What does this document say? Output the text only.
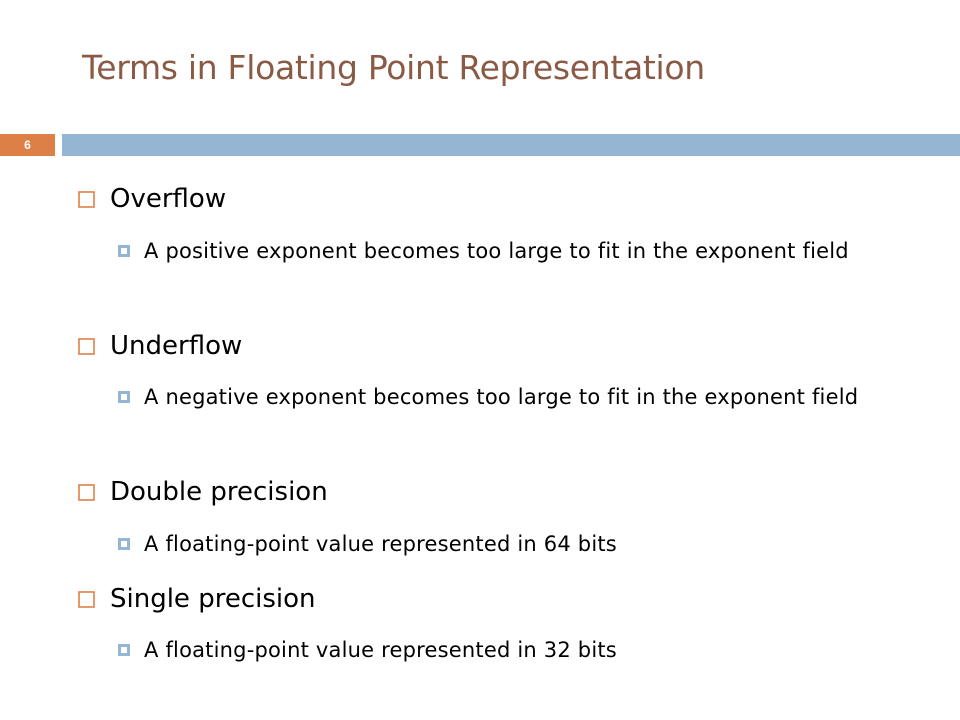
Terms in Floating Point Representation
6
Overflow
A positive exponent becomes too large to fit in the exponent field
Underflow
A negative exponent becomes too large to fit in the exponent field
Double precision
A floating-point value represented in 64 bits
Single precision
A floating-point value represented in 32 bits
